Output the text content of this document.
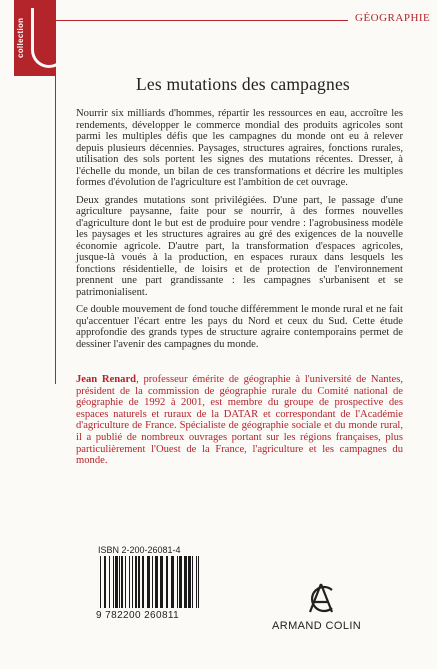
collection	GÉOGRAPHIE
Les mutations des campagnes

Nourrir six milliards d'hommes, répartir les ressources en eau, accroître les rendements, développer le commerce mondial des produits agricoles sont parmi les multiples défis que les campagnes du monde ont eu à relever depuis plusieurs décennies. Paysages, structures agraires, fonctions rurales, utilisation des sols portent les signes des mutations récentes. Dresser, à l'échelle du monde, un bilan de ces transformations et décrire les multiples formes d'évolution de l'agriculture est l'ambition de cet ouvrage.

Deux grandes mutations sont privilégiées. D'une part, le passage d'une agriculture paysanne, faite pour se nourrir, à des formes nouvelles d'agriculture dont le but est de produire pour vendre : l'agrobusiness modèle les paysages et les structures agraires au gré des exigences de la nouvelle économie agricole. D'autre part, la transformation d'espaces agricoles, jusque-là voués à la production, en espaces ruraux dans lesquels les fonctions résidentielle, de loisirs et de protection de l'environnement prennent une part grandissante : les campagnes s'urbanisent et se patrimonialisent.

Ce double mouvement de fond touche différemment le monde rural et ne fait qu'accentuer l'écart entre les pays du Nord et ceux du Sud. Cette étude approfondie des grands types de structure agraire contemporains permet de dessiner l'avenir des campagnes du monde.

Jean Renard, professeur émérite de géographie à l'université de Nantes, président de la commission de géographie rurale du Comité national de géographie de 1992 à 2001, est membre du groupe de prospective des espaces naturels et ruraux de la DATAR et correspondant de l'Académie d'agriculture de France. Spécialiste de géographie sociale et du monde rural, il a publié de nombreux ouvrages portant sur les régions françaises, plus particulièrement l'Ouest de la France, l'agriculture et les campagnes du monde.
ISBN 2-200-26081-4
9 782200 260811
ARMAND COLIN
